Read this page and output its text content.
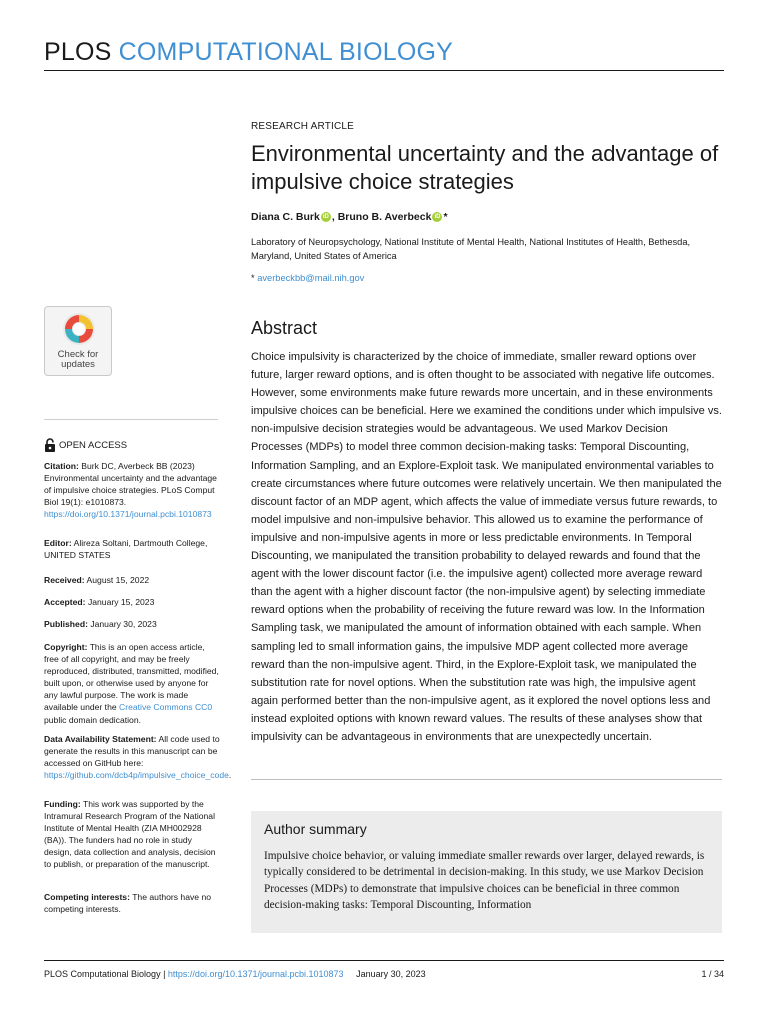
PLOS COMPUTATIONAL BIOLOGY
Check for
updates
OPEN ACCESS
Citation: Burk DC, Averbeck BB (2023) Environmental uncertainty and the advantage of impulsive choice strategies. PLoS Comput Biol 19(1): e1010873. https://doi.org/10.1371/journal.pcbi.1010873
Editor: Alireza Soltani, Dartmouth College, UNITED STATES
Received: August 15, 2022
Accepted: January 15, 2023
Published: January 30, 2023
Copyright: This is an open access article, free of all copyright, and may be freely reproduced, distributed, transmitted, modified, built upon, or otherwise used by anyone for any lawful purpose. The work is made available under the Creative Commons CC0 public domain dedication.
Data Availability Statement: All code used to generate the results in this manuscript can be accessed on GitHub here: https://github.com/dcb4p/impulsive_choice_code.
Funding: This work was supported by the Intramural Research Program of the National Institute of Mental Health (ZIA MH002928 (BA)). The funders had no role in study design, data collection and analysis, decision to publish, or preparation of the manuscript.
Competing interests: The authors have no competing interests.
RESEARCH ARTICLE
Environmental uncertainty and the advantage of impulsive choice strategies
Diana C. Burk iD , Bruno B. Averbeck iD *
Laboratory of Neuropsychology, National Institute of Mental Health, National Institutes of Health, Bethesda, Maryland, United States of America
* averbeckbb@mail.nih.gov
Abstract

Choice impulsivity is characterized by the choice of immediate, smaller reward options over future, larger reward options, and is often thought to be associated with negative life outcomes. However, some environments make future rewards more uncertain, and in these environments impulsive choices can be beneficial. Here we examined the conditions under which impulsive vs. non-impulsive decision strategies would be advantageous. We used Markov Decision Processes (MDPs) to model three common decision-making tasks: Temporal Discounting, Information Sampling, and an Explore-Exploit task. We manipulated environmental variables to create circumstances where future outcomes were relatively uncertain. We then manipulated the discount factor of an MDP agent, which affects the value of immediate versus future rewards, to model impulsive and non-impulsive behavior. This allowed us to examine the performance of impulsive and non-impulsive agents in more or less predictable environments. In Temporal Discounting, we manipulated the transition probability to delayed rewards and found that the agent with the lower discount factor (i.e. the impulsive agent) collected more average reward than the agent with a higher discount factor (the non-impulsive agent) by selecting immediate reward options when the probability of receiving the future reward was low. In the Information Sampling task, we manipulated the amount of information obtained with each sample. When sampling led to small information gains, the impulsive MDP agent collected more average reward than the non-impulsive agent. Third, in the Explore-Exploit task, we manipulated the substitution rate for novel options. When the substitution rate was high, the impulsive agent again performed better than the non-impulsive agent, as it explored the novel options less and instead exploited options with known reward values. The results of these analyses show that impulsivity can be advantageous in environments that are unexpectedly uncertain.

Author summary
Impulsive choice behavior, or valuing immediate smaller rewards over larger, delayed rewards, is typically considered to be detrimental in decision-making. In this study, we use Markov Decision Processes (MDPs) to demonstrate that impulsive choices can be beneficial in three common decision-making tasks: Temporal Discounting, Information
PLOS Computational Biology | https://doi.org/10.1371/journal.pcbi.1010873 January 30, 2023	1 / 34
